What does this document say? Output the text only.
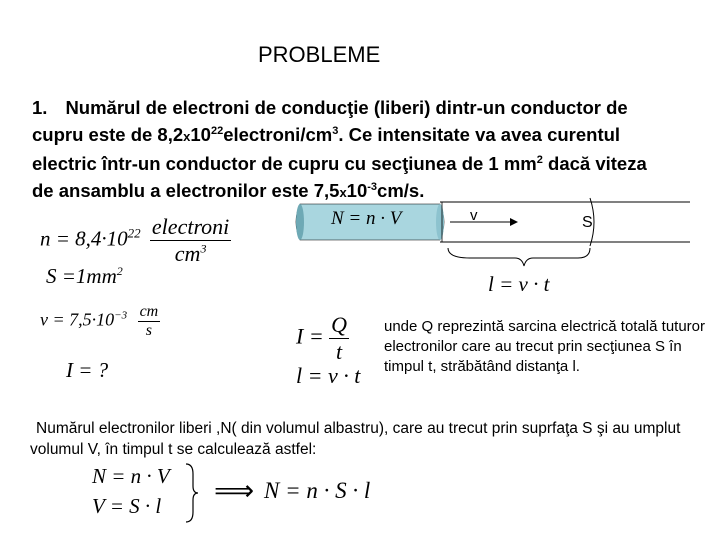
PROBLEME
1. Numărul de electroni de conducţie (liberi) dintr-un conductor de
cupru este de $8,2x10^{22}electroni/cm^3$. Ce intensitate va avea curentul
electric într-un conductor de cupru cu secţiunea de 1 $mm^2$ dacă viteza
de ansamblu a electronilor este $7,5x10^{-3}cm/s$.
$n = 8,4\cdot 10^{22} \frac{\text{electroni}}{cm^3}$
$S =1mm^2$
$v = 7,5\cdot 10^{-3} \frac{cm}{s}$
I = ?
N = n · V	v	S
l = v · t
$I = \frac{Q}{t}$
l = v · t
unde Q reprezintă sarcina electrică totală tuturor electronilor care au trecut prin secţiunea S în timpul t, străbătând distanţa l.
Numărul electronilor liberi ,N( din volumul albastru), care au trecut prin suprfaţa S şi au umplut volumul V, în timpul t se calculează astfel:
N = n · V
V = S · l ⟹ N = n · S · l
